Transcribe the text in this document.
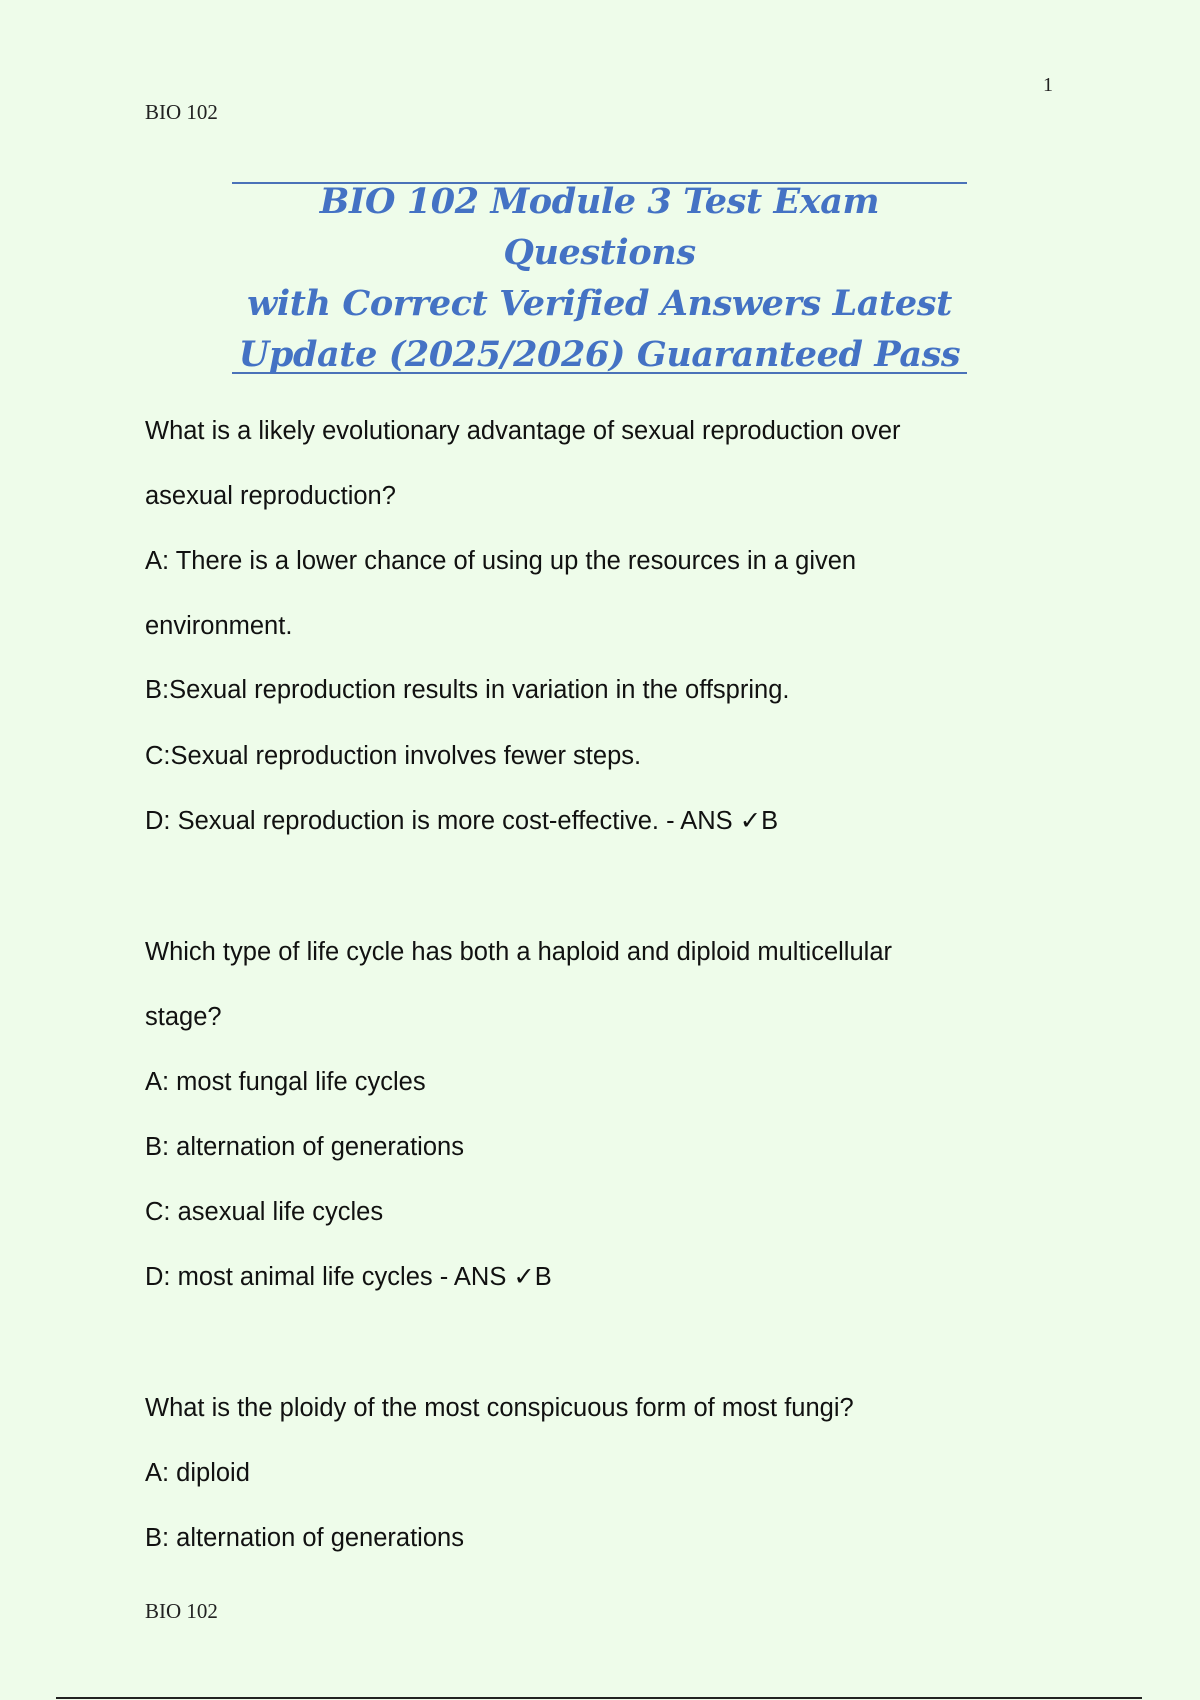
1
BIO 102
BIO 102 Module 3 Test Exam Questions
with Correct Verified Answers Latest
Update (2025/2026) Guaranteed Pass
What is a likely evolutionary advantage of sexual reproduction over
asexual reproduction?
A: There is a lower chance of using up the resources in a given
environment.
B:Sexual reproduction results in variation in the offspring.
C:Sexual reproduction involves fewer steps.
D: Sexual reproduction is more cost-effective. - ANS ✓B
Which type of life cycle has both a haploid and diploid multicellular
stage?
A: most fungal life cycles
B: alternation of generations
C: asexual life cycles
D: most animal life cycles - ANS ✓B
What is the ploidy of the most conspicuous form of most fungi?
A: diploid
B: alternation of generations
BIO 102
